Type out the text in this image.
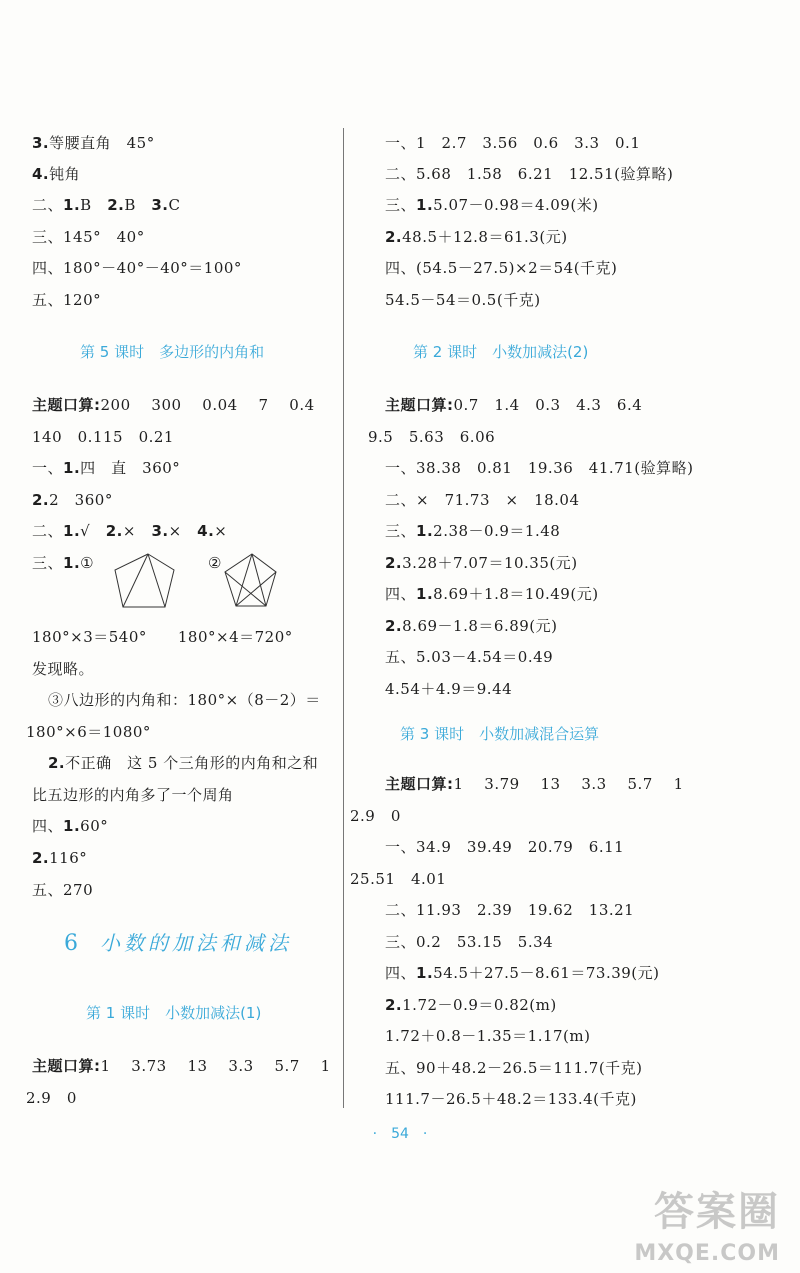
3.等腰直角　45°
4.钝角
二、1.B　2.B　3.C
三、145°　40°
四、180°－40°－40°＝100°
五、120°
第 5 课时　多边形的内角和
主题口算:200　 300　 0.04　 7　 0.4
140　0.115　0.21
一、1.四　直　360°
2.2　360°
二、1.√　2.×　3.×　4.×
三、1.①	②
180°×3＝540°　　180°×4＝720°
发现略。
③八边形的内角和：180°×（8－2）＝
180°×6＝1080°
2.不正确　这 5 个三角形的内角和之和
比五边形的内角多了一个周角
四、1.60°
2.116°
五、270
6 小数的加法和减法
第 1 课时　小数加减法(1)
主题口算:1　 3.73　 13　 3.3　 5.7　 1
2.9　0
一、1　2.7　3.56　0.6　3.3　0.1
二、5.68　1.58　6.21　12.51(验算略)
三、1.5.07－0.98＝4.09(米)
2.48.5＋12.8＝61.3(元)
四、(54.5－27.5)×2＝54(千克)
54.5－54＝0.5(千克)
第 2 课时　小数加减法(2)
主题口算:0.7　1.4　0.3　4.3　6.4
9.5　5.63　6.06
一、38.38　0.81　19.36　41.71(验算略)
二、×　71.73　×　18.04
三、1.2.38－0.9＝1.48
2.3.28＋7.07＝10.35(元)
四、1.8.69＋1.8＝10.49(元)
2.8.69－1.8＝6.89(元)
五、5.03－4.54＝0.49
4.54＋4.9＝9.44
第 3 课时　小数加减混合运算
主题口算:1　 3.79　 13　 3.3　 5.7　 1
2.9　0
一、34.9　39.49　20.79　6.11
25.51　4.01
二、11.93　2.39　19.62　13.21
三、0.2　53.15　5.34
四、1.54.5＋27.5－8.61＝73.39(元)
2.1.72－0.9＝0.82(m)
1.72＋0.8－1.35＝1.17(m)
五、90＋48.2－26.5＝111.7(千克)
111.7－26.5＋48.2＝133.4(千克)
·　54　·
答案圈
MXQE.COM
